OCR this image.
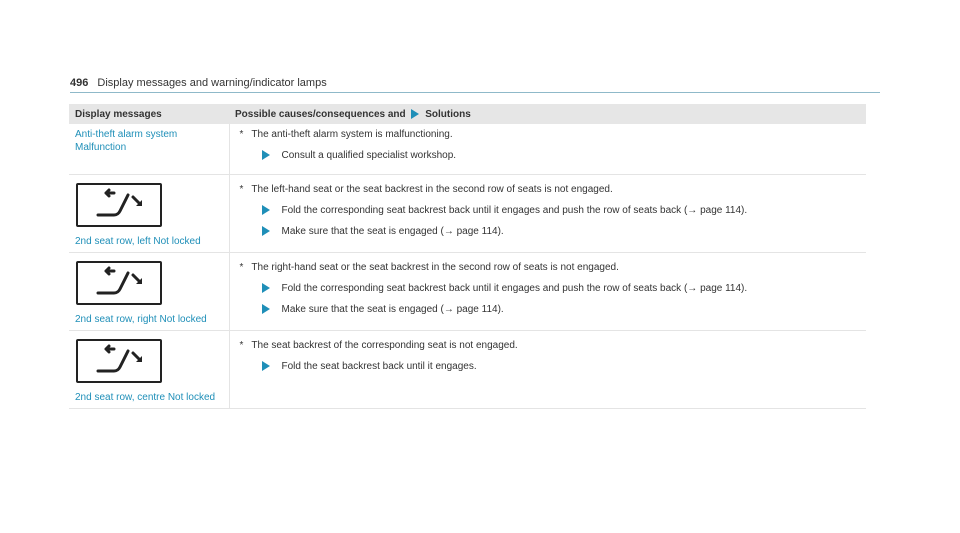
496 Display messages and warning/indicator lamps
Display messages	Possible causes/consequences and Solutions

Anti-theft alarm system Malfunction	* The anti-theft alarm system is malfunctioning.
Consult a qualified specialist workshop.

2nd seat row, left Not locked	* The left-hand seat or the seat backrest in the second row of seats is not engaged.
Fold the corresponding seat backrest back until it engages and push the row of seats back (→ page 114).
Make sure that the seat is engaged (→ page 114).

2nd seat row, right Not locked	* The right-hand seat or the seat backrest in the second row of seats is not engaged.
Fold the corresponding seat backrest back until it engages and push the row of seats back (→ page 114).
Make sure that the seat is engaged (→ page 114).

2nd seat row, centre Not locked	* The seat backrest of the corresponding seat is not engaged.
Fold the seat backrest back until it engages.
